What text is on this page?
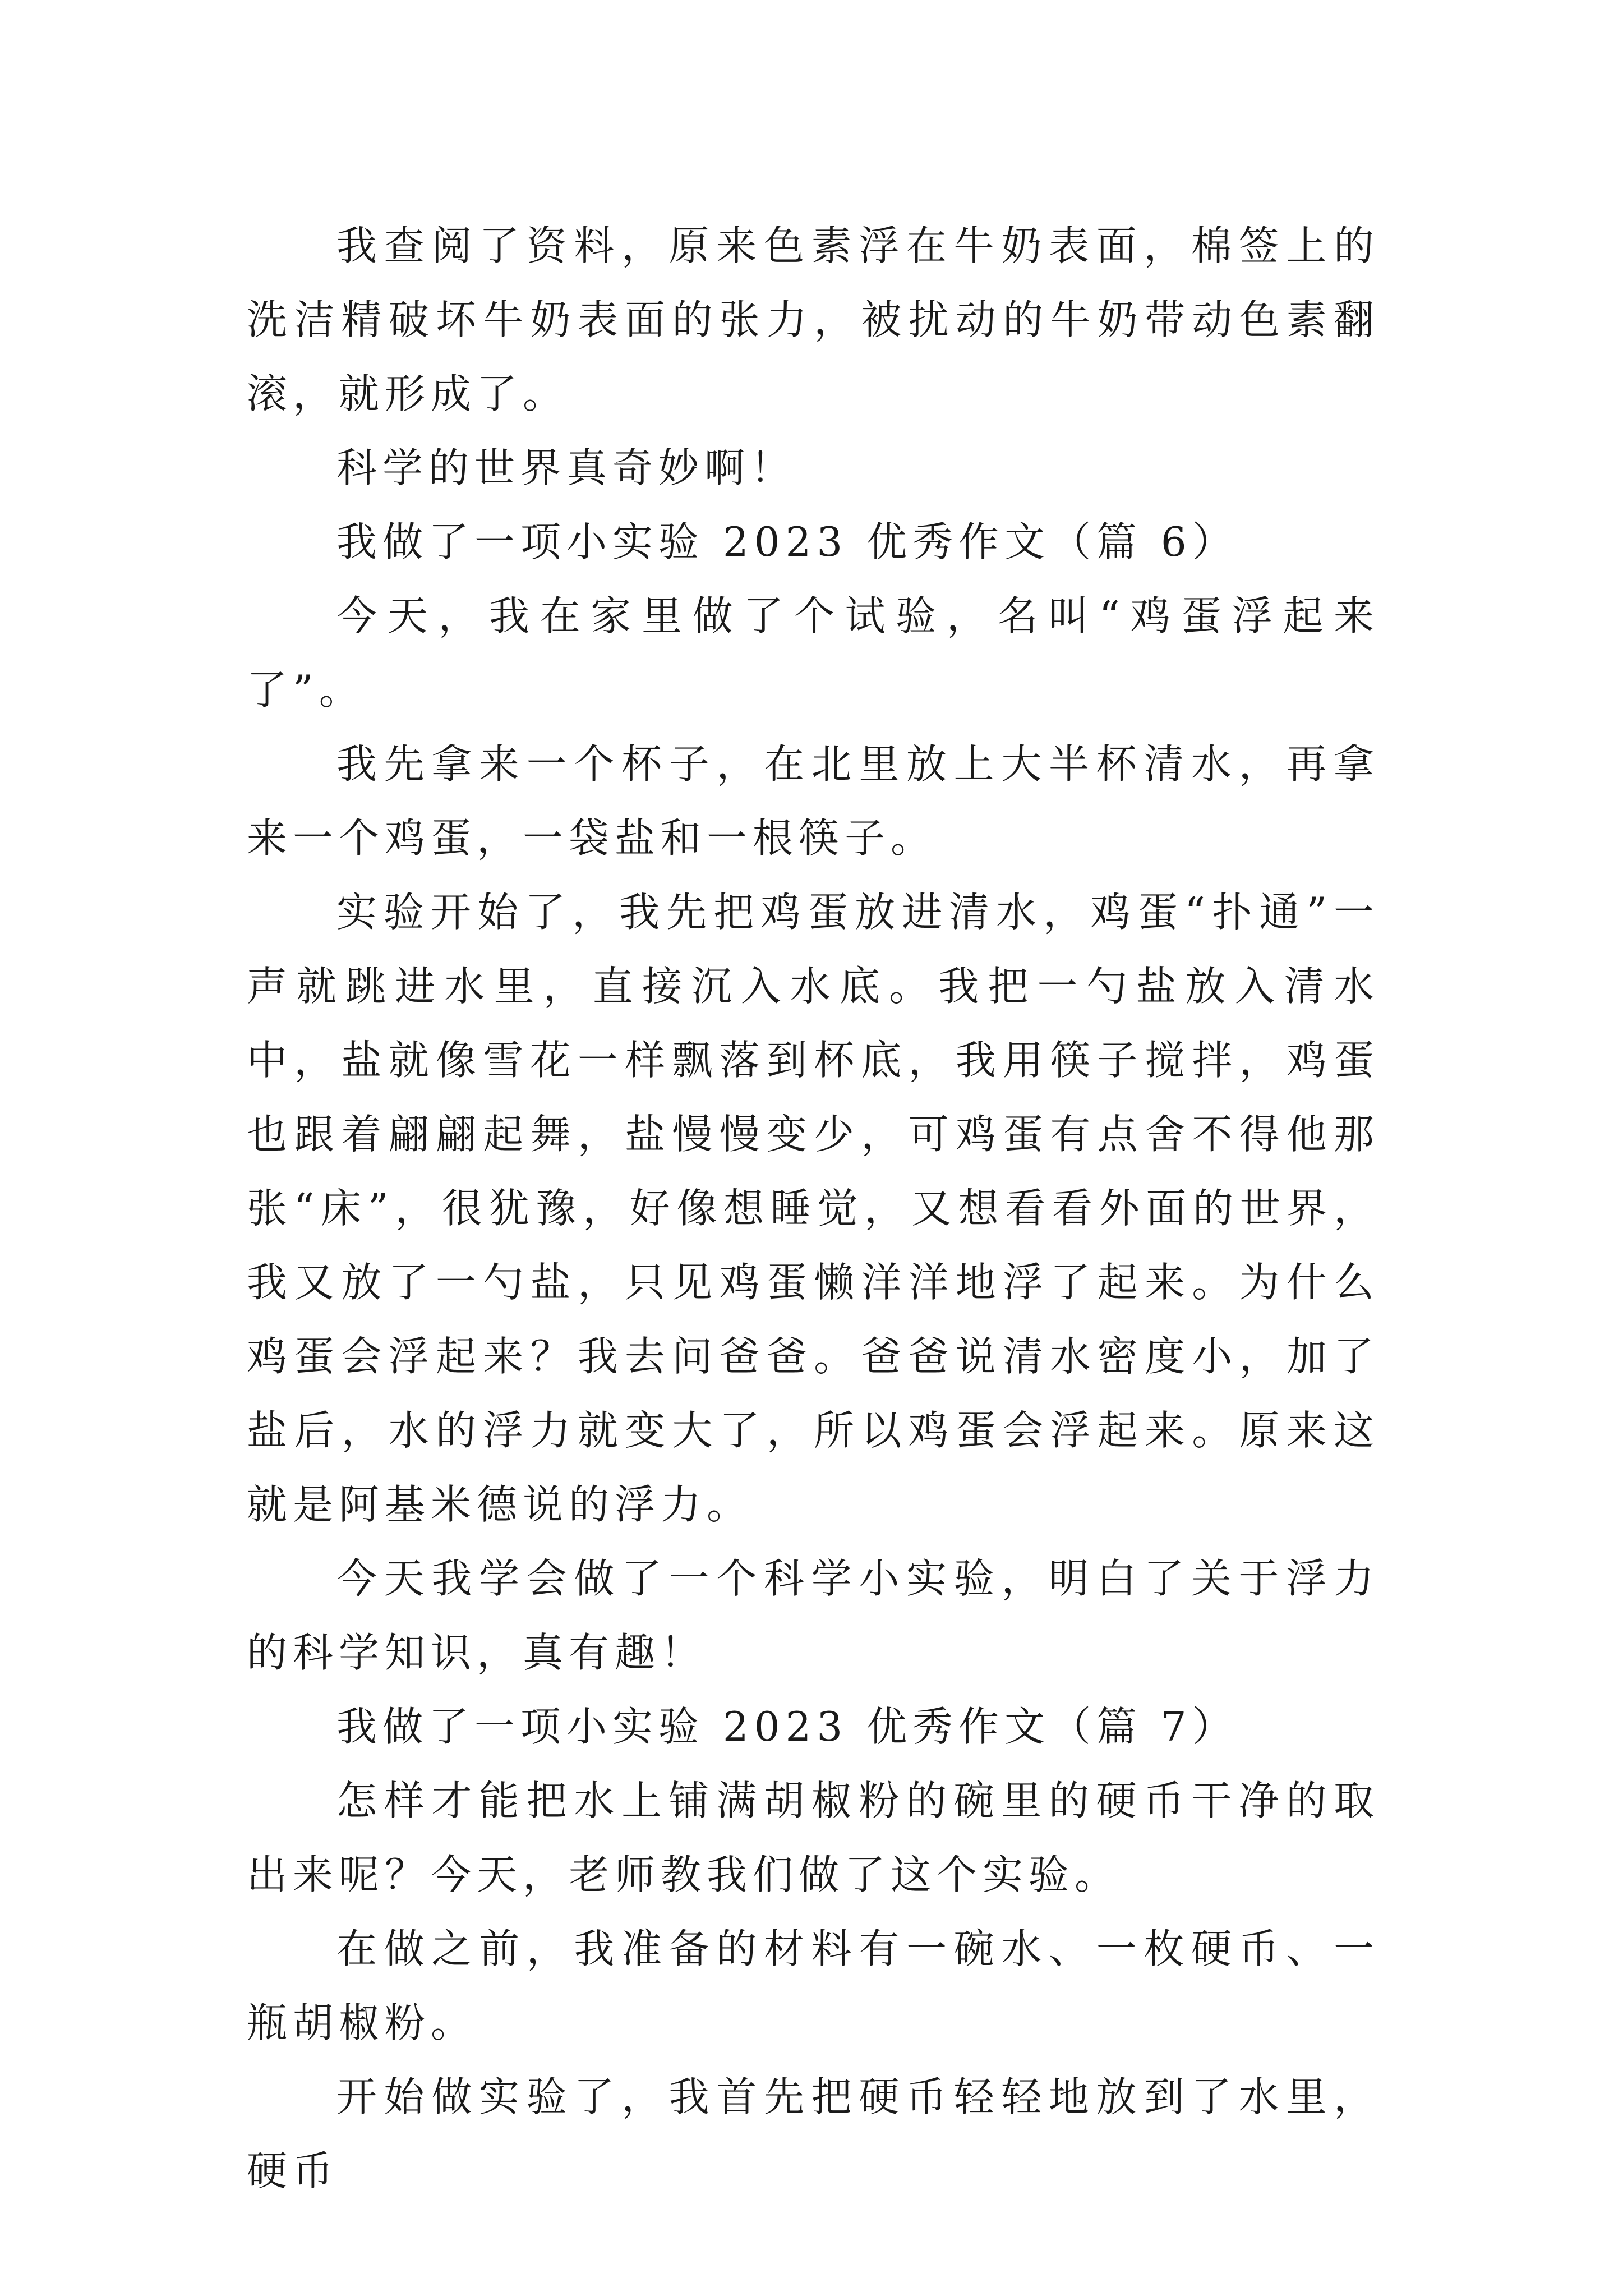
我查阅了资料，原来色素浮在牛奶表面，棉签上的洗洁精破坏牛奶表面的张力，被扰动的牛奶带动色素翻滚，就形成了。

科学的世界真奇妙啊！

我做了一项小实验 2023 优秀作文（篇 6）

今天，我在家里做了个试验，名叫“鸡蛋浮起来了”。

我先拿来一个杯子，在北里放上大半杯清水，再拿来一个鸡蛋，一袋盐和一根筷子。

实验开始了，我先把鸡蛋放进清水，鸡蛋“扑通”一声就跳进水里，直接沉入水底。我把一勺盐放入清水中，盐就像雪花一样飘落到杯底，我用筷子搅拌，鸡蛋也跟着翩翩起舞，盐慢慢变少，可鸡蛋有点舍不得他那张“床”，很犹豫，好像想睡觉，又想看看外面的世界，我又放了一勺盐，只见鸡蛋懒洋洋地浮了起来。为什么鸡蛋会浮起来？我去问爸爸。爸爸说清水密度小，加了盐后，水的浮力就变大了，所以鸡蛋会浮起来。原来这就是阿基米德说的浮力。

今天我学会做了一个科学小实验，明白了关于浮力的科学知识，真有趣！

我做了一项小实验 2023 优秀作文（篇 7）

怎样才能把水上铺满胡椒粉的碗里的硬币干净的取出来呢？今天，老师教我们做了这个实验。

在做之前，我准备的材料有一碗水、一枚硬币、一瓶胡椒粉。

开始做实验了，我首先把硬币轻轻地放到了水里，硬币
